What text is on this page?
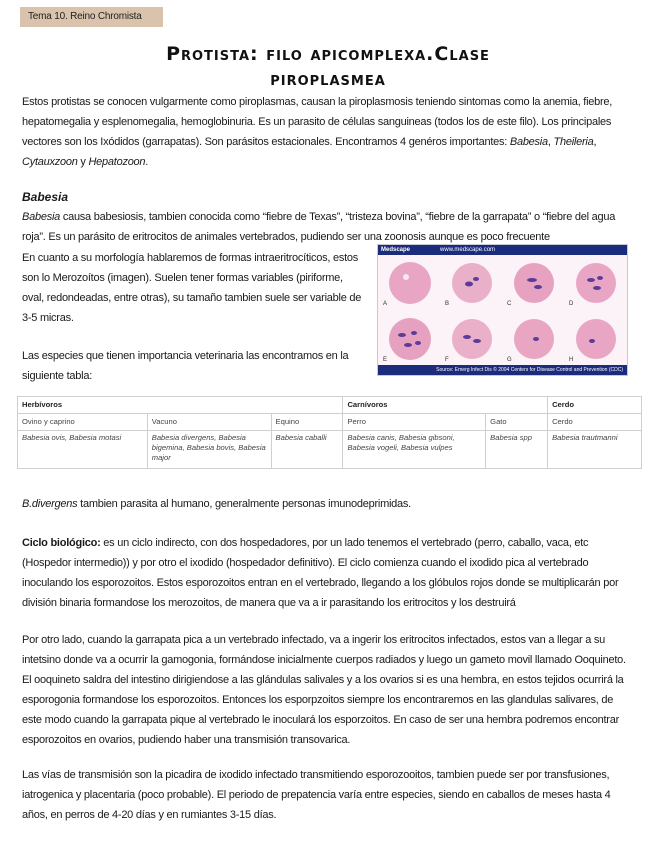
Tema 10. Reino Chromista
Protista: filo apicomplexa.Clase
piroplasmea

Estos protistas se conocen vulgarmente como piroplasmas, causan la piroplasmosis teniendo sintomas como la anemia, fiebre, hepatomegalia y esplenomegalia, hemoglobinuria. Es un parasito de células sanguineas (todos los de este filo). Los principales vectores son los Ixódidos (garrapatas). Son parásitos estacionales. Encontramos 4 genéros importantes: Babesia, Theileria, Cytauxzoon y Hepatozoon.

Babesia

Babesia causa babesiosis, tambien conocida como “fiebre de Texas”, “tristeza bovina”, “fiebre de la garrapata” o “fiebre del agua roja”. Es un parásito de eritrocitos de animales vertebrados, pudiendo ser una zoonosis aunque es poco frecuente

En cuanto a su morfología hablaremos de formas intraeritrocíticos, estos son lo Merozoítos (imagen). Suelen tener formas variables (piriforme, oval, redondeadas, entre otras), su tamaño tambien suele ser variable de 3-5 micras.

Las especies que tienen importancia veterinaria las encontramos en la siguiente tabla:

Medscape	www.medscape.com
A	B	C	D
E	F	G	H
Source: Emerg Infect Dis © 2004 Centers for Disease Control and Prevention (CDC)
Herbívoros			Carnívoros		Cerdo
Ovino y caprino	Vacuno	Equino	Perro	Gato	Cerdo
Babesia ovis, Babesia motasi	Babesia divergens, Babesia bigemina, Babesia bovis, Babesia major	Babesia caballi	Babesia canis, Babesia gibsoni, Babesia vogeli, Babesia vulpes	Babesia spp	Babesia trautmanni

B.divergens tambien parasita al humano, generalmente personas imunodeprimidas.

Ciclo biológico: es un ciclo indirecto, con dos hospedadores, por un lado tenemos el vertebrado (perro, caballo, vaca, etc (Hospedor intermedio)) y por otro el ixodido (hospedador definitivo). El ciclo comienza cuando el ixodido pica al vertebrado inoculando los esporozoitos. Estos esporozoitos entran en el vertebrado, llegando a los glóbulos rojos donde se multiplicarán por división binaria formandose los merozoitos, de manera que va a ir parasitando los eritrocitos y los destruirá

Por otro lado, cuando la garrapata pica a un vertebrado infectado, va a ingerir los eritrocitos infectados, estos van a llegar a su intetsino donde va a ocurrir la gamogonia, formándose inicialmente cuerpos radiados y luego un gameto movil llamado Ooquineto. El ooquineto saldra del intestino dirigiendose a las glándulas salivales y a los ovarios si es una hembra, en estos tejidos ocurrirá la esporogonia formandose los esporozoitos. Entonces los esporpzoitos siempre los encontraremos en las glandulas salivares, de este modo cuando la garrapata pique al vertebrado le inoculará los esporzoitos. En caso de ser una hembra podremos encontrar esporozoitos en ovarios, pudiendo haber una transmisión transovarica.

Las vías de transmisión son la picadira de ixodido infectado transmitiendo esporozooitos, tambien puede ser por transfusiones, iatrogenica y placentaria (poco probable). El periodo de prepatencia varía entre especies, siendo en caballos de meses hasta 4 años, en perros de 4-20 días y en rumiantes 3-15 días.
